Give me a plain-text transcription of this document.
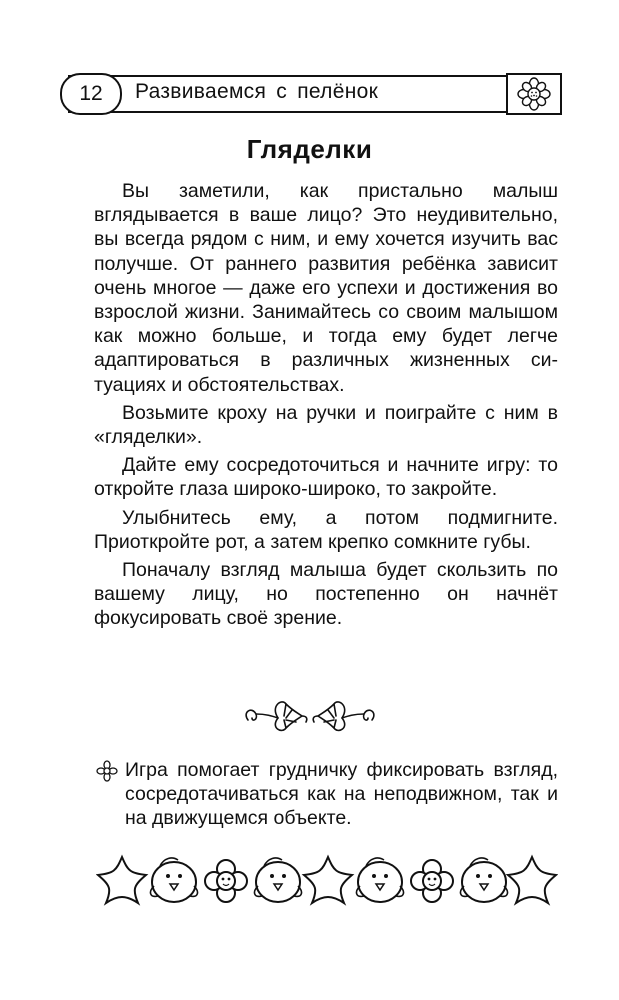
12	Развиваемся с пелёнок
Гляделки

Вы заметили, как пристально малыш вглядывается в ваше лицо? Это неудивительно, вы всегда рядом с ним, и ему хочется изучить вас получше. От раннего развития ребёнка зависит очень многое — даже его успехи и достижения во взрослой жизни. Занимайтесь со своим малышом как можно больше, и тогда ему будет легче адаптироваться в различных жизненных ситуациях и обстоятельствах.

Возьмите кроху на ручки и поиграйте с ним в «гляделки».

Дайте ему сосредоточиться и начните игру: то откройте глаза широко-широко, то закройте.

Улыбнитесь ему, а потом подмигните. Приоткройте рот, а затем крепко сомкните губы.

Поначалу взгляд малыша будет скользить по вашему лицу, но постепенно он начнёт фокусировать своё зрение.

Игра помогает грудничку фиксировать взгляд, сосредотачиваться как на неподвижном, так и на движущемся объекте.
